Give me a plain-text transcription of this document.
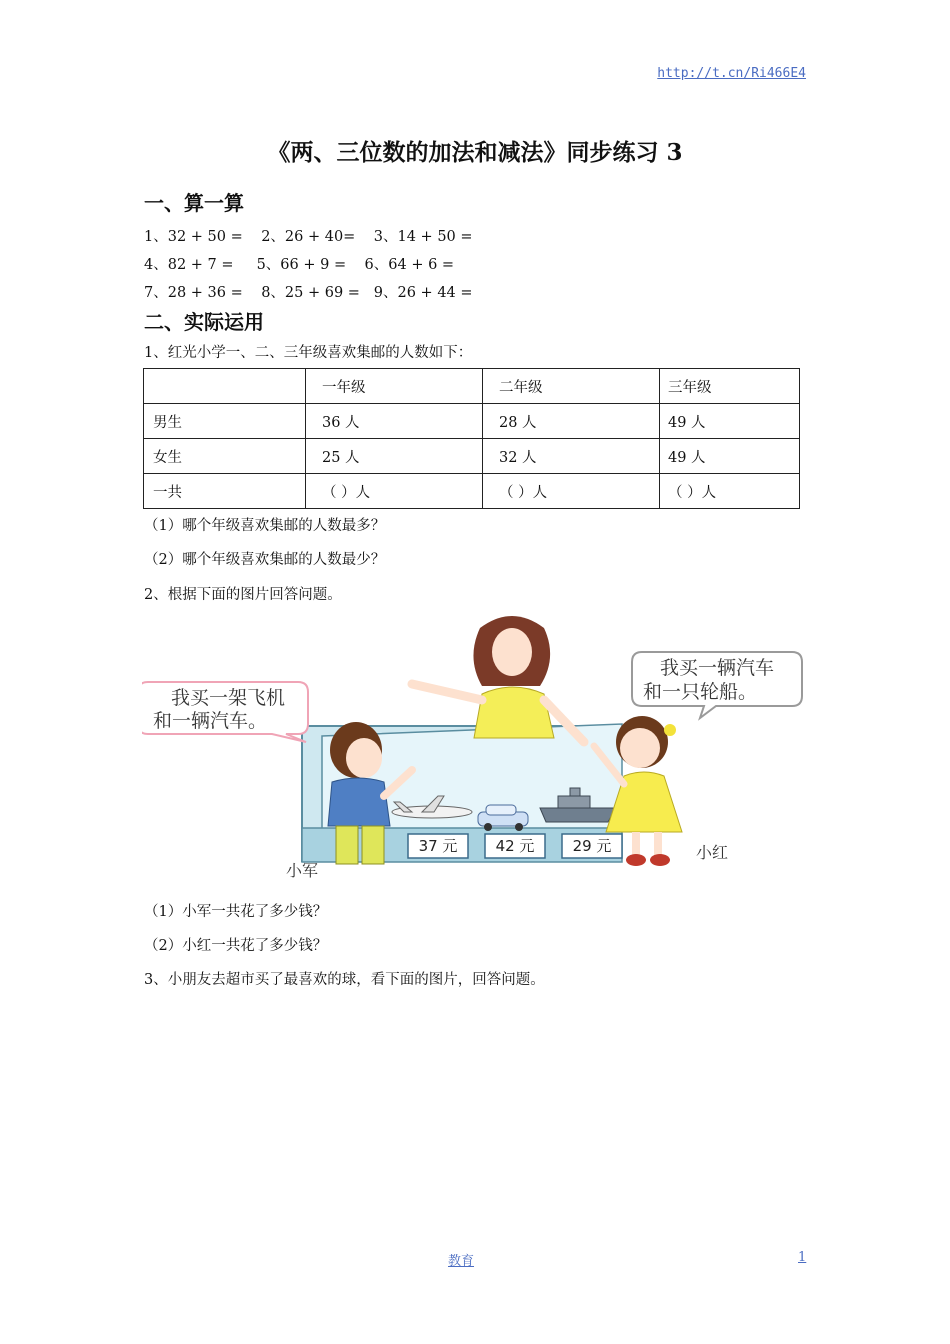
http://t.cn/Ri466E4
《两、三位数的加法和减法》同步练习 3
一、算一算
1、32 + 50 =    2、26 + 40=    3、14 + 50 =
4、82 + 7 =     5、66 + 9 =    6、64 + 6 =
7、28 + 36 =    8、25 + 69 =   9、26 + 44 =
二、实际运用
1、红光小学一、二、三年级喜欢集邮的人数如下：
	一年级	二年级	三年级
男生	36 人	28 人	49 人
女生	25 人	32 人	49 人
一共	（ ）人	（ ）人	（ ）人
（1）哪个年级喜欢集邮的人数最多？
（2）哪个年级喜欢集邮的人数最少？
2、根据下面的图片回答问题。
37 元	42 元	29 元
我买一架飞机
和一辆汽车。
我买一辆汽车
和一只轮船。
小军
小红
（1）小军一共花了多少钱？
（2）小红一共花了多少钱？
3、小朋友去超市买了最喜欢的球，看下面的图片，回答问题。
教育	1
